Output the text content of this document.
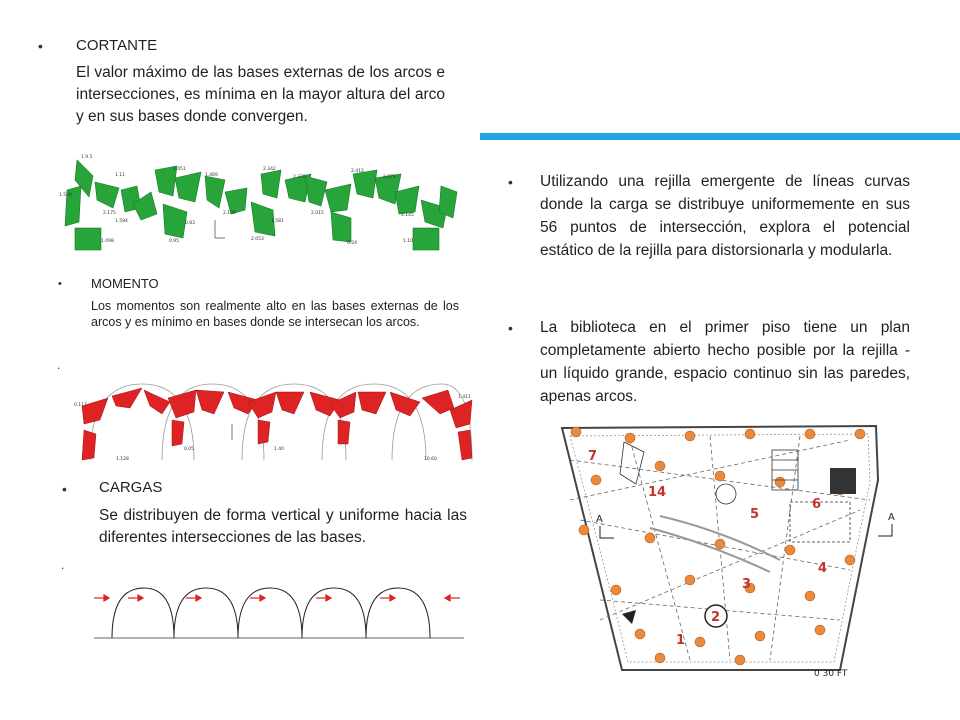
• CORTANTE
El valor máximo de las bases externas de los arcos e intersecciones, es mínima en la mayor altura del arco y en sus bases donde convergen.
1.9.5
1.11
1.451
1.469
2.342
2.370
2.412
2.072
1.500
2.175	2.139
2.053
1.581
2.015	2.145
1.594
1.098	0.95
0.83
0.24	1.10
• MOMENTO
Los momentos son realmente alto en las bases externas de los arcos y es mínimo en bases donde se intersecan los arcos.
.
0.117
1.128
1.40
10.60
0.05
1.411
• CARGAS
Se distribuyen de forma vertical y uniforme hacia las diferentes intersecciones de las bases.
.
• Utilizando una rejilla emergente de líneas curvas donde la carga se distribuye uniformemente en sus 56 puntos de intersección, explora el potencial estático de la rejilla para distorsionarla y modularla.
• La biblioteca en el primer piso tiene un plan completamente abierto hecho posible por la rejilla - un líquido grande, espacio continuo sin las paredes, apenas arcos.
7
14
5
6
3
4
2
1
A	A
0 30 FT
